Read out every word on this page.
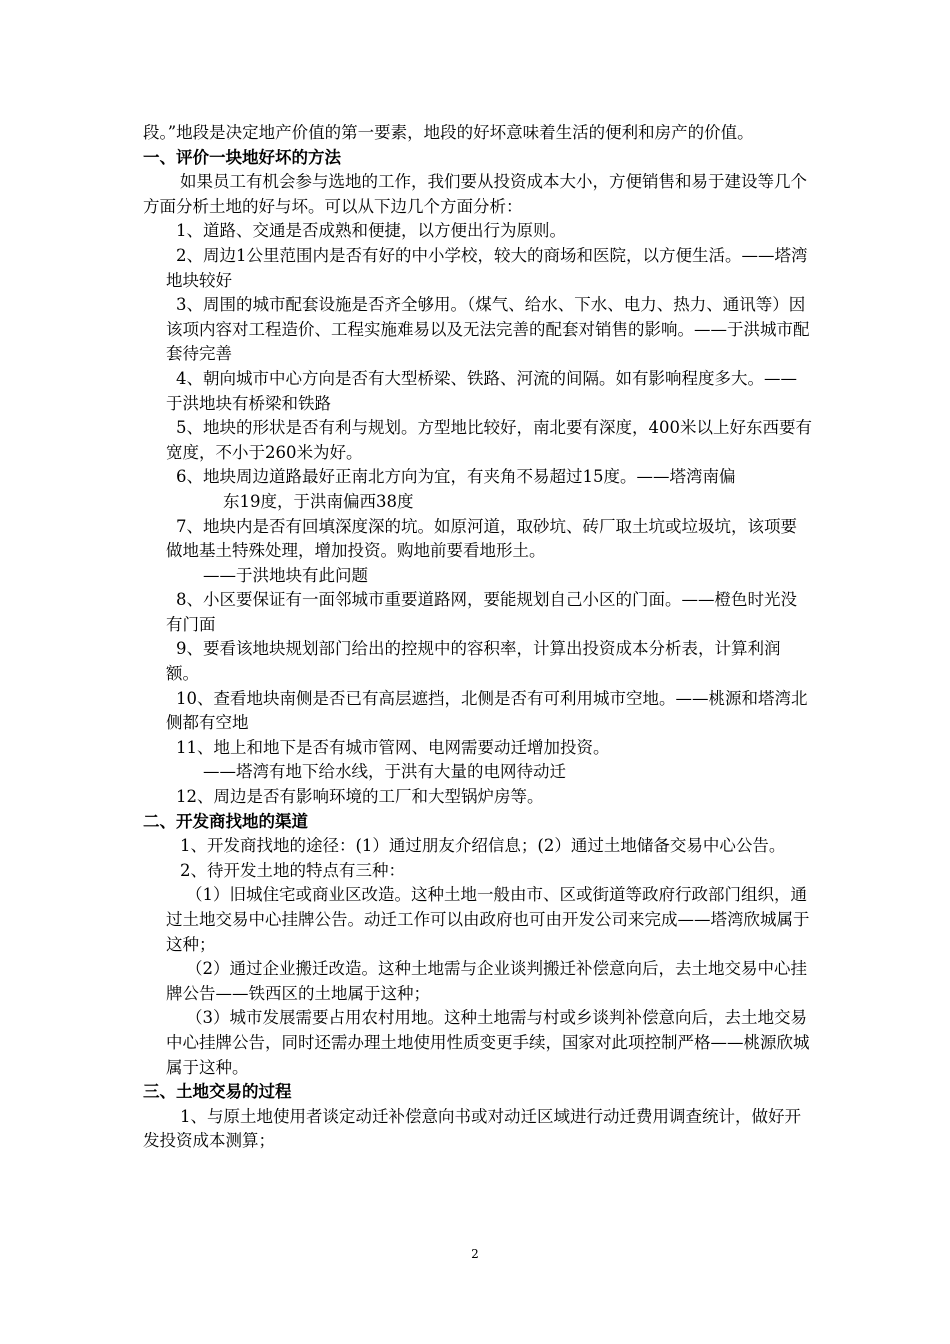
段。”地段是决定地产价值的第一要素，地段的好坏意味着生活的便利和房产的价值。

一、评价一块地好坏的方法

如果员工有机会参与选地的工作，我们要从投资成本大小，方便销售和易于建设等几个方面分析土地的好与坏。可以从下边几个方面分析：

1、道路、交通是否成熟和便捷，以方便出行为原则。

2、周边1公里范围内是否有好的中小学校，较大的商场和医院，以方便生活。——塔湾地块较好

3、周围的城市配套设施是否齐全够用。（煤气、给水、下水、电力、热力、通讯等）因该项内容对工程造价、工程实施难易以及无法完善的配套对销售的影响。——于洪城市配套待完善

4、朝向城市中心方向是否有大型桥梁、铁路、河流的间隔。如有影响程度多大。——于洪地块有桥梁和铁路

5、地块的形状是否有利与规划。方型地比较好，南北要有深度，400米以上好东西要有宽度，不小于260米为好。

6、地块周边道路最好正南北方向为宜，有夹角不易超过15度。——塔湾南偏

东19度，于洪南偏西38度

7、地块内是否有回填深度深的坑。如原河道，取砂坑、砖厂取土坑或垃圾坑，该项要做地基土特殊处理，增加投资。购地前要看地形土。

——于洪地块有此问题

8、小区要保证有一面邻城市重要道路网，要能规划自己小区的门面。——橙色时光没有门面

9、要看该地块规划部门给出的控规中的容积率，计算出投资成本分析表，计算利润额。

10、查看地块南侧是否已有高层遮挡，北侧是否有可利用城市空地。——桃源和塔湾北侧都有空地

11、地上和地下是否有城市管网、电网需要动迁增加投资。

——塔湾有地下给水线，于洪有大量的电网待动迁

12、周边是否有影响环境的工厂和大型锅炉房等。

二、开发商找地的渠道

1、开发商找地的途径：(1）通过朋友介绍信息；(2）通过土地储备交易中心公告。

2、待开发土地的特点有三种：

（1）旧城住宅或商业区改造。这种土地一般由市、区或街道等政府行政部门组织，通过土地交易中心挂牌公告。动迁工作可以由政府也可由开发公司来完成——塔湾欣城属于这种；

（2）通过企业搬迁改造。这种土地需与企业谈判搬迁补偿意向后，去土地交易中心挂牌公告——铁西区的土地属于这种；

（3）城市发展需要占用农村用地。这种土地需与村或乡谈判补偿意向后，去土地交易中心挂牌公告，同时还需办理土地使用性质变更手续，国家对此项控制严格——桃源欣城属于这种。

三、土地交易的过程

1、与原土地使用者谈定动迁补偿意向书或对动迁区域进行动迁费用调查统计，做好开发投资成本测算；

2
